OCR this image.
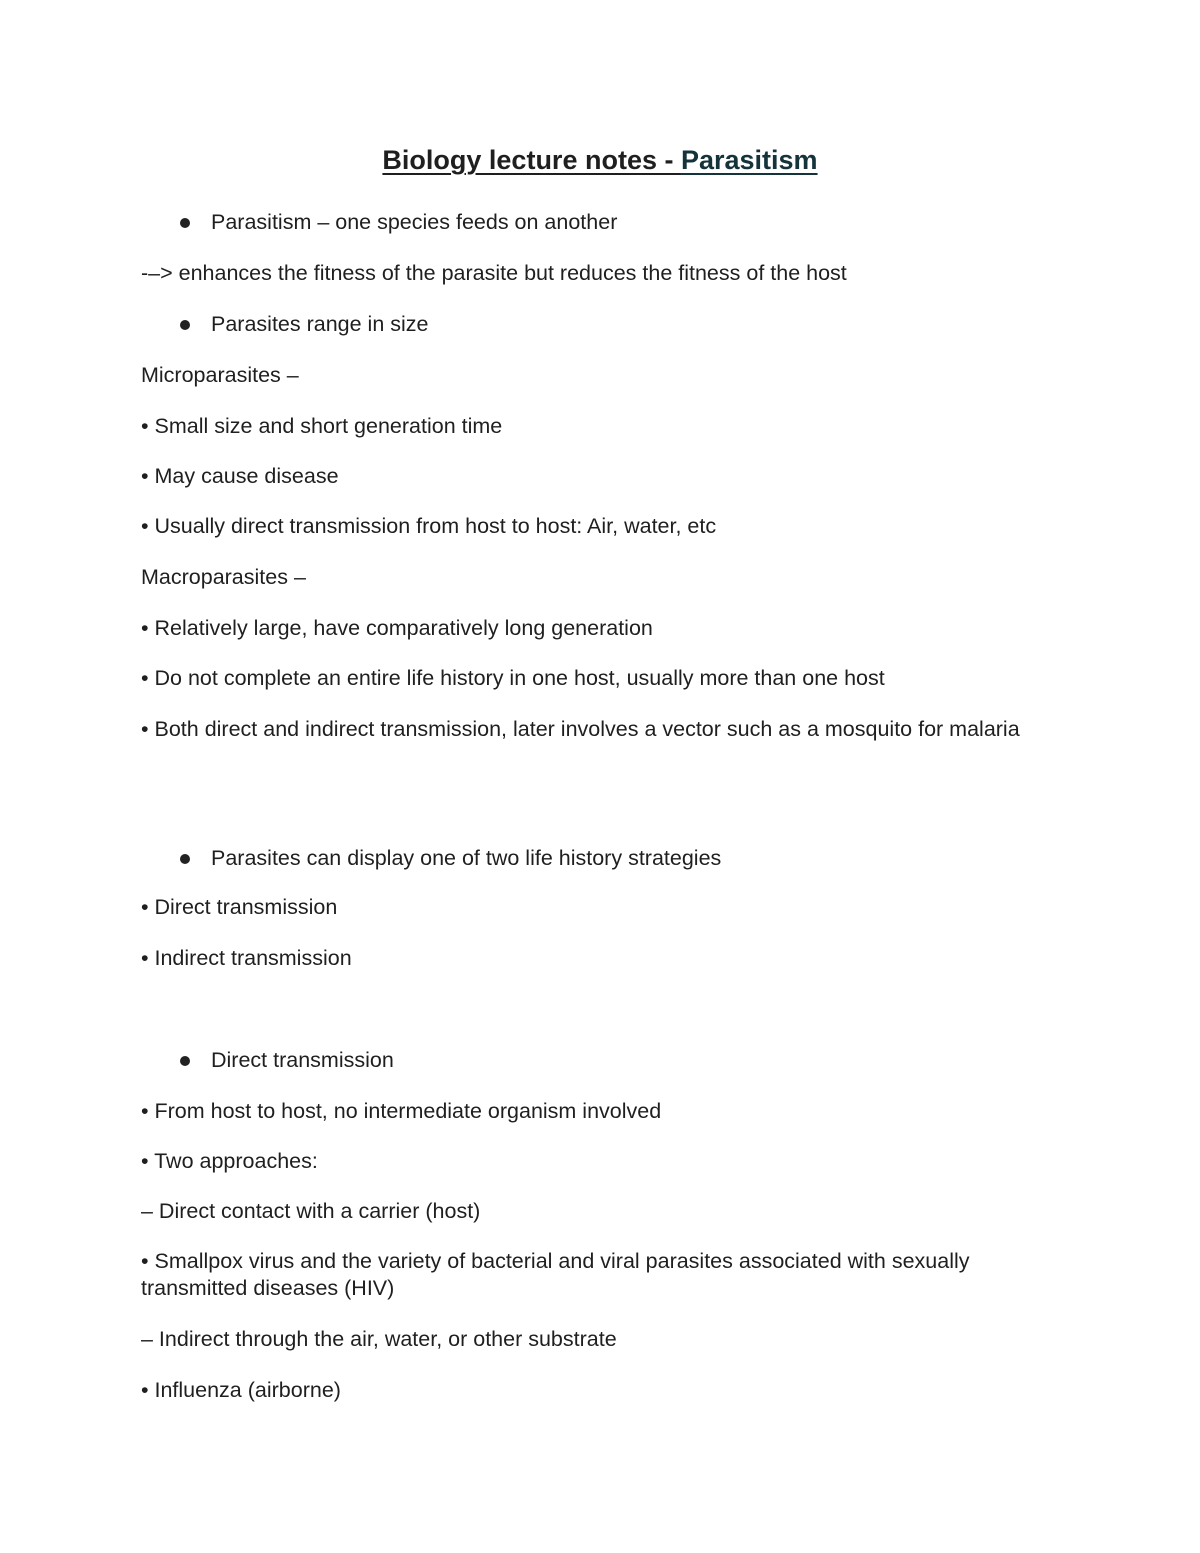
Biology lecture notes - Parasitism
Parasitism – one species feeds on another
-–> enhances the fitness of the parasite but reduces the fitness of the host
Parasites range in size
Microparasites –
• Small size and short generation time
• May cause disease
• Usually direct transmission from host to host: Air, water, etc
Macroparasites –
• Relatively large, have comparatively long generation
• Do not complete an entire life history in one host, usually more than one host
• Both direct and indirect transmission, later involves a vector such as a mosquito for malaria
Parasites can display one of two life history strategies
• Direct transmission
• Indirect transmission
Direct transmission
• From host to host, no intermediate organism involved
• Two approaches:
– Direct contact with a carrier (host)
• Smallpox virus and the variety of bacterial and viral parasites associated with sexually transmitted diseases (HIV)
– Indirect through the air, water, or other substrate
• Influenza (airborne)
